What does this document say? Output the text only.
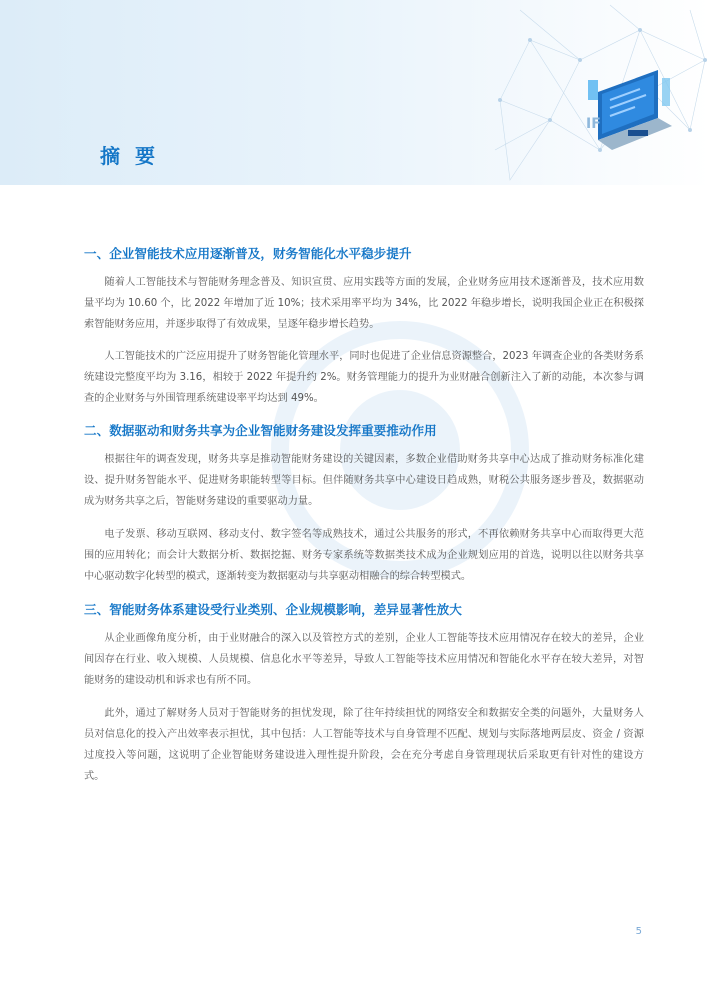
IF
摘 要
一、企业智能技术应用逐渐普及，财务智能化水平稳步提升

随着人工智能技术与智能财务理念普及、知识宣贯、应用实践等方面的发展，企业财务应用技术逐渐普及，技术应用数量平均为 10.60 个，比 2022 年增加了近 10%；技术采用率平均为 34%，比 2022 年稳步增长，说明我国企业正在积极探索智能财务应用，并逐步取得了有效成果，呈逐年稳步增长趋势。

人工智能技术的广泛应用提升了财务智能化管理水平，同时也促进了企业信息资源整合，2023 年调查企业的各类财务系统建设完整度平均为 3.16，相较于 2022 年提升约 2%。财务管理能力的提升为业财融合创新注入了新的动能，本次参与调查的企业财务与外围管理系统建设率平均达到 49%。

二、数据驱动和财务共享为企业智能财务建设发挥重要推动作用

根据往年的调查发现，财务共享是推动智能财务建设的关键因素，多数企业借助财务共享中心达成了推动财务标准化建设、提升财务智能水平、促进财务职能转型等目标。但伴随财务共享中心建设日趋成熟，财税公共服务逐步普及，数据驱动成为财务共享之后，智能财务建设的重要驱动力量。

电子发票、移动互联网、移动支付、数字签名等成熟技术，通过公共服务的形式，不再依赖财务共享中心而取得更大范围的应用转化；而会计大数据分析、数据挖掘、财务专家系统等数据类技术成为企业规划应用的首选，说明以往以财务共享中心驱动数字化转型的模式，逐渐转变为数据驱动与共享驱动相融合的综合转型模式。

三、智能财务体系建设受行业类别、企业规模影响，差异显著性放大

从企业画像角度分析，由于业财融合的深入以及管控方式的差别，企业人工智能等技术应用情况存在较大的差异，企业间因存在行业、收入规模、人员规模、信息化水平等差异，导致人工智能等技术应用情况和智能化水平存在较大差异，对智能财务的建设动机和诉求也有所不同。

此外，通过了解财务人员对于智能财务的担忧发现，除了往年持续担忧的网络安全和数据安全类的问题外，大量财务人员对信息化的投入产出效率表示担忧，其中包括：人工智能等技术与自身管理不匹配、规划与实际落地两层皮、资金 / 资源过度投入等问题，这说明了企业智能财务建设进入理性提升阶段，会在充分考虑自身管理现状后采取更有针对性的建设方式。

5
